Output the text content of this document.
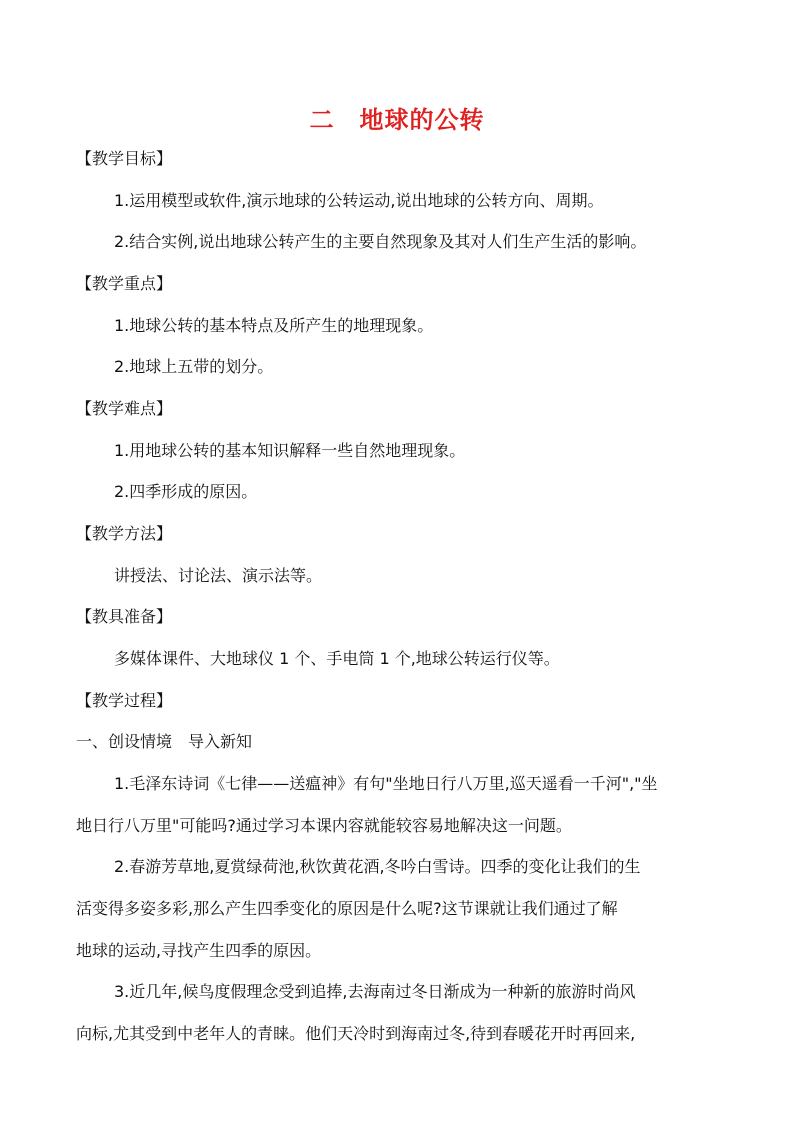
二　地球的公转
【教学目标】
1.运用模型或软件,演示地球的公转运动,说出地球的公转方向、周期。
2.结合实例,说出地球公转产生的主要自然现象及其对人们生产生活的影响。
【教学重点】
1.地球公转的基本特点及所产生的地理现象。
2.地球上五带的划分。
【教学难点】
1.用地球公转的基本知识解释一些自然地理现象。
2.四季形成的原因。
【教学方法】
讲授法、讨论法、演示法等。
【教具准备】
多媒体课件、大地球仪 1 个、手电筒 1 个,地球公转运行仪等。
【教学过程】
一、创设情境　导入新知
1.毛泽东诗词《七律——送瘟神》有句"坐地日行八万里,巡天遥看一千河","坐
地日行八万里"可能吗?通过学习本课内容就能较容易地解决这一问题。
2.春游芳草地,夏赏绿荷池,秋饮黄花酒,冬吟白雪诗。四季的变化让我们的生
活变得多姿多彩,那么产生四季变化的原因是什么呢?这节课就让我们通过了解
地球的运动,寻找产生四季的原因。
3.近几年,候鸟度假理念受到追捧,去海南过冬日渐成为一种新的旅游时尚风
向标,尤其受到中老年人的青睐。他们天冷时到海南过冬,待到春暖花开时再回来,
